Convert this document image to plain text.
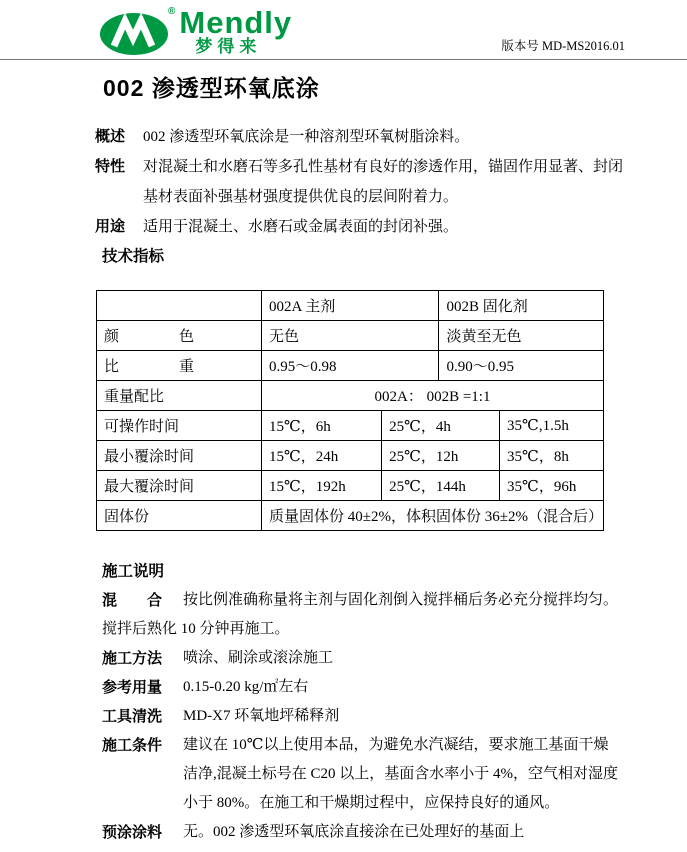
® Mendly
梦得来	版本号 MD-MS2016.01
002 渗透型环氧底涂
概述	002 渗透型环氧底涂是一种溶剂型环氧树脂涂料。
特性	对混凝土和水磨石等多孔性基材有良好的渗透作用，锚固作用显著、封闭
基材表面补强基材强度提供优良的层间附着力。
用途	适用于混凝土、水磨石或金属表面的封闭补强。
技术指标
	002A 主剂		002B 固化剂	
颜　　　　色	无色		淡黄至无色	
比　　　　重	0.95～0.98		0.90～0.95	
重量配比	002A： 002B =1:1			
可操作时间	15℃，6h	25℃，4h		35℃,1.5h
最小覆涂时间	15℃，24h	25℃，12h		35℃，8h
最大覆涂时间	15℃，192h	25℃，144h		35℃，96h
固体份	质量固体份 40±2%，体积固体份 36±2%（混合后）			
施工说明
混　　合	按比例准确称量将主剂与固化剂倒入搅拌桶后务必充分搅拌均匀。
搅拌后熟化 10 分钟再施工。
施工方法	喷涂、刷涂或滚涂施工
参考用量	0.15-0.20 kg/㎡左右
工具清洗	MD-X7 环氧地坪稀释剂
施工条件	建议在 10℃以上使用本品，为避免水汽凝结，要求施工基面干燥
洁净,混凝土标号在 C20 以上，基面含水率小于 4%，空气相对湿度
小于 80%。在施工和干燥期过程中，应保持良好的通风。
预涂涂料	无。002 渗透型环氧底涂直接涂在已处理好的基面上
